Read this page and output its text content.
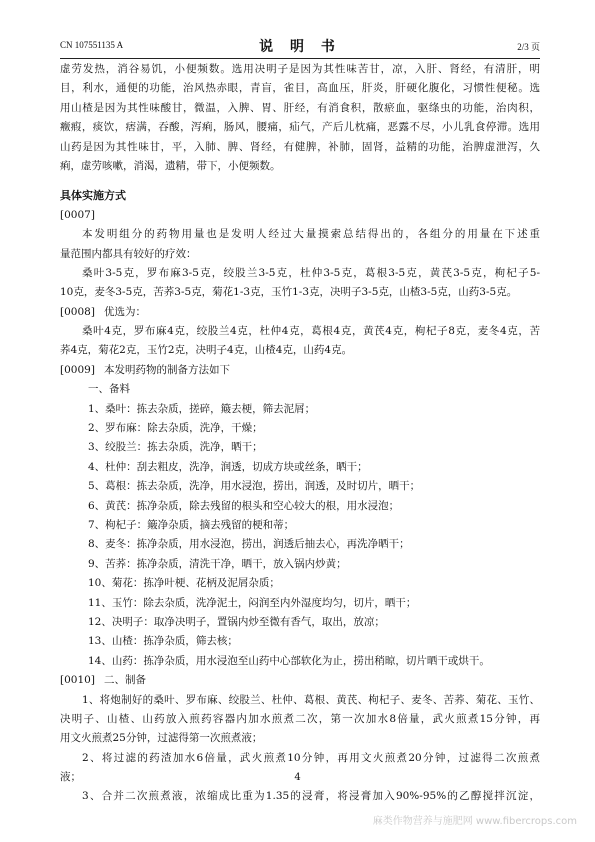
CN 107551135 A	说 明 书	2/3 页
虚劳发热，消谷易饥，小便频数。选用决明子是因为其性味苦甘，凉，入肝、肾经，有清肝，明
目，利水，通便的功能，治风热赤眼，青盲，雀目，高血压，肝炎，肝硬化腹化，习惯性便秘。选
用山楂是因为其性味酸甘，微温，入脾、胃、肝经，有消食积，散瘀血，驱绦虫的功能，治肉积，
癥瘕，痰饮，痞满，吞酸，泻痢，肠风，腰痛，疝气，产后儿枕痛，恶露不尽，小儿乳食停滞。选用
山药是因为其性味甘，平，入肺、脾、肾经，有健脾，补肺，固肾，益精的功能，治脾虚泄泻，久
痢，虚劳咳嗽，消渴，遗精，带下，小便频数。
具体实施方式
[0007]
本发明组分的药物用量也是发明人经过大量摸索总结得出的，各组分的用量在下述重
量范围内都具有较好的疗效：
桑叶3-5克，罗布麻3-5克，绞股兰3-5克，杜仲3-5克，葛根3-5克，黄芪3-5克，枸杞子5-
10克，麦冬3-5克，苦荞3-5克，菊花1-3克，玉竹1-3克，决明子3-5克，山楂3-5克，山药3-5克。
[0008] 优选为：
桑叶4克，罗布麻4克，绞股兰4克，杜仲4克，葛根4克，黄芪4克，枸杞子8克，麦冬4克，苦
荞4克，菊花2克，玉竹2克，决明子4克，山楂4克，山药4克。
[0009] 本发明药物的制备方法如下
一、备料
1、桑叶：拣去杂质，搓碎，簸去梗，筛去泥屑；
2、罗布麻：除去杂质，洗净，干燥；
3、绞股兰：拣去杂质，洗净，晒干；
4、杜仲：刮去粗皮，洗净，润透，切成方块或丝条，晒干；
5、葛根：拣去杂质，洗净，用水浸泡，捞出，润透，及时切片，晒干；
6、黄芪：拣净杂质，除去残留的根头和空心较大的根，用水浸泡；
7、枸杞子：簸净杂质，摘去残留的梗和蒂；
8、麦冬：拣净杂质，用水浸泡，捞出，润透后抽去心，再洗净晒干；
9、苦荞：拣净杂质，清洗干净，晒干，放入锅内炒黄；
10、菊花：拣净叶梗、花柄及泥屑杂质；
11、玉竹：除去杂质，洗净泥土，闷润至内外湿度均匀，切片，晒干；
12、决明子：取净决明子，置锅内炒至微有香气，取出，放凉；
13、山楂：拣净杂质，筛去核；
14、山药：拣净杂质，用水浸泡至山药中心部软化为止，捞出稍晾，切片晒干或烘干。
[0010] 二、制备
1、将炮制好的桑叶、罗布麻、绞股兰、杜仲、葛根、黄芪、枸杞子、麦冬、苦荞、菊花、玉竹、
决明子、山楂、山药放入煎药容器内加水煎煮二次，第一次加水8倍量，武火煎煮15分钟，再
用文火煎煮25分钟，过滤得第一次煎煮液；
2、将过滤的药渣加水6倍量，武火煎煮10分钟，再用文火煎煮20分钟，过滤得二次煎煮
液；
3、合并二次煎煮液，浓缩成比重为1.35的浸膏，将浸膏加入90%-95%的乙醇搅拌沉淀，
4
麻类作物营养与施肥网 www.fibercrops.com
